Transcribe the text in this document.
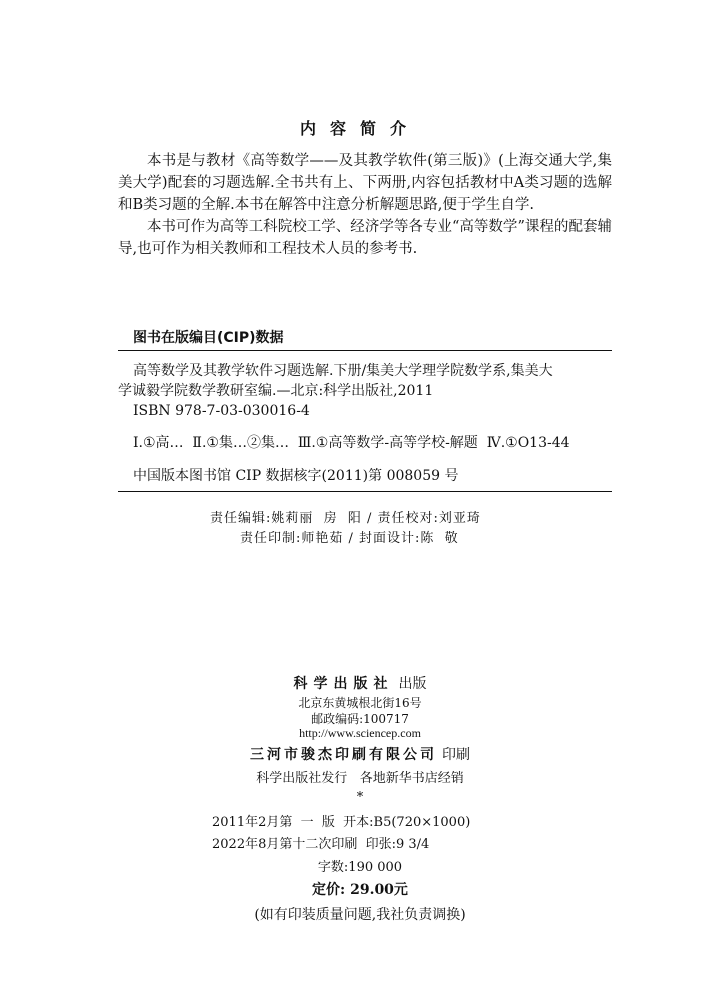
内容简介

本书是与教材《高等数学——及其教学软件(第三版)》(上海交通大学,集美大学)配套的习题选解.全书共有上、下两册,内容包括教材中A类习题的选解和B类习题的全解.本书在解答中注意分析解题思路,便于学生自学.

本书可作为高等工科院校工学、经济学等各专业“高等数学”课程的配套辅导,也可作为相关教师和工程技术人员的参考书.

图书在版编目(CIP)数据
高等数学及其教学软件习题选解.下册/集美大学理学院数学系,集美大
学诚毅学院数学教研室编.—北京:科学出版社,2011
ISBN 978-7-03-030016-4
Ⅰ.①高…  Ⅱ.①集…②集…  Ⅲ.①高等数学-高等学校-解题  Ⅳ.①O13-44
中国版本图书馆 CIP 数据核字(2011)第 008059 号
责任编辑:姚莉丽  房  阳 / 责任校对:刘亚琦
责任印制:师艳茹 / 封面设计:陈  敬
科学出版社 出版
北京东黄城根北街16号
邮政编码:100717
http://www.sciencep.com
三河市骏杰印刷有限公司 印刷
科学出版社发行   各地新华书店经销
*
2011年2月第  一  版  开本:B5(720×1000)
2022年8月第十二次印刷  印张:9 3/4
字数:190 000
定价: 29.00元
(如有印装质量问题,我社负责调换)
